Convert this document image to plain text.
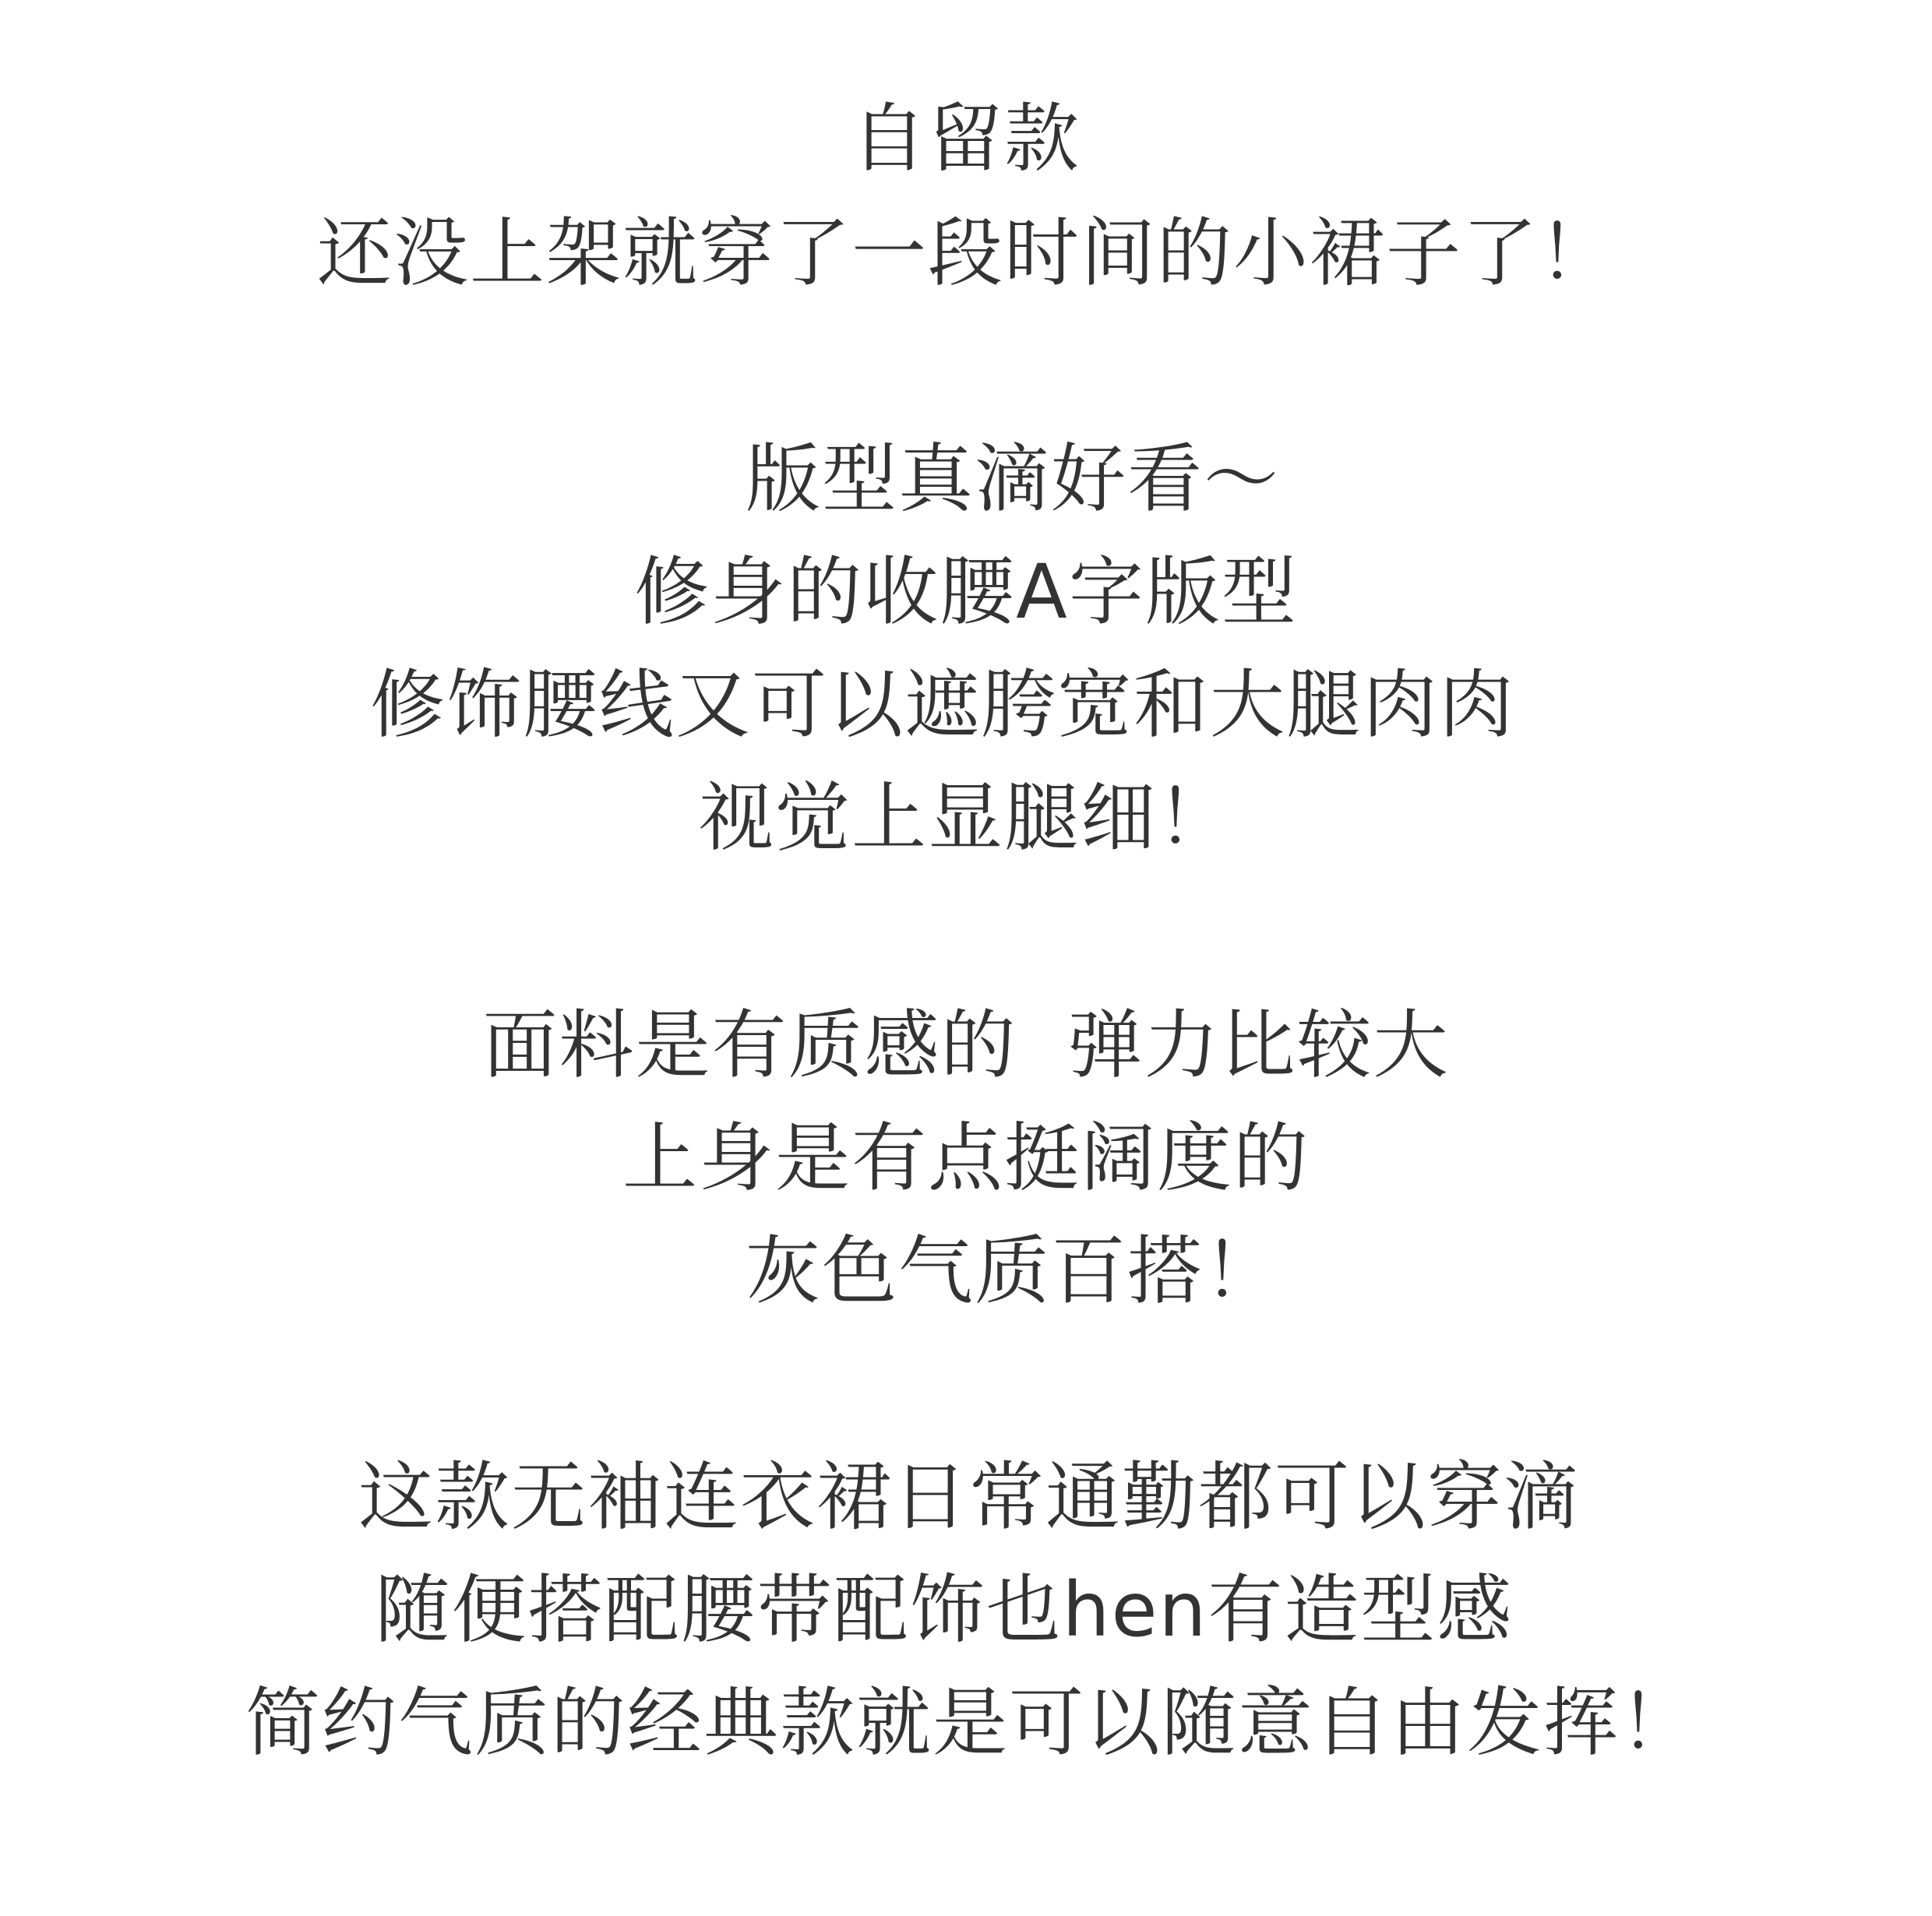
自留款
还没上架就穿了一段时间的小裙子了！
版型真滴好看～
修身的收腰A字版型
修饰腰线又可以遮胯宽和大腿肉肉
视觉上显腿细！
面料是有质感的  弹力比较大
上身是有点挺阔度的
灰色气质百搭！
这款无袖连衣裙日常通勤都可以穿滴
随便搭配腰带配饰也hen有造型感
简约气质的经典款就是可以随意自由发挥！
